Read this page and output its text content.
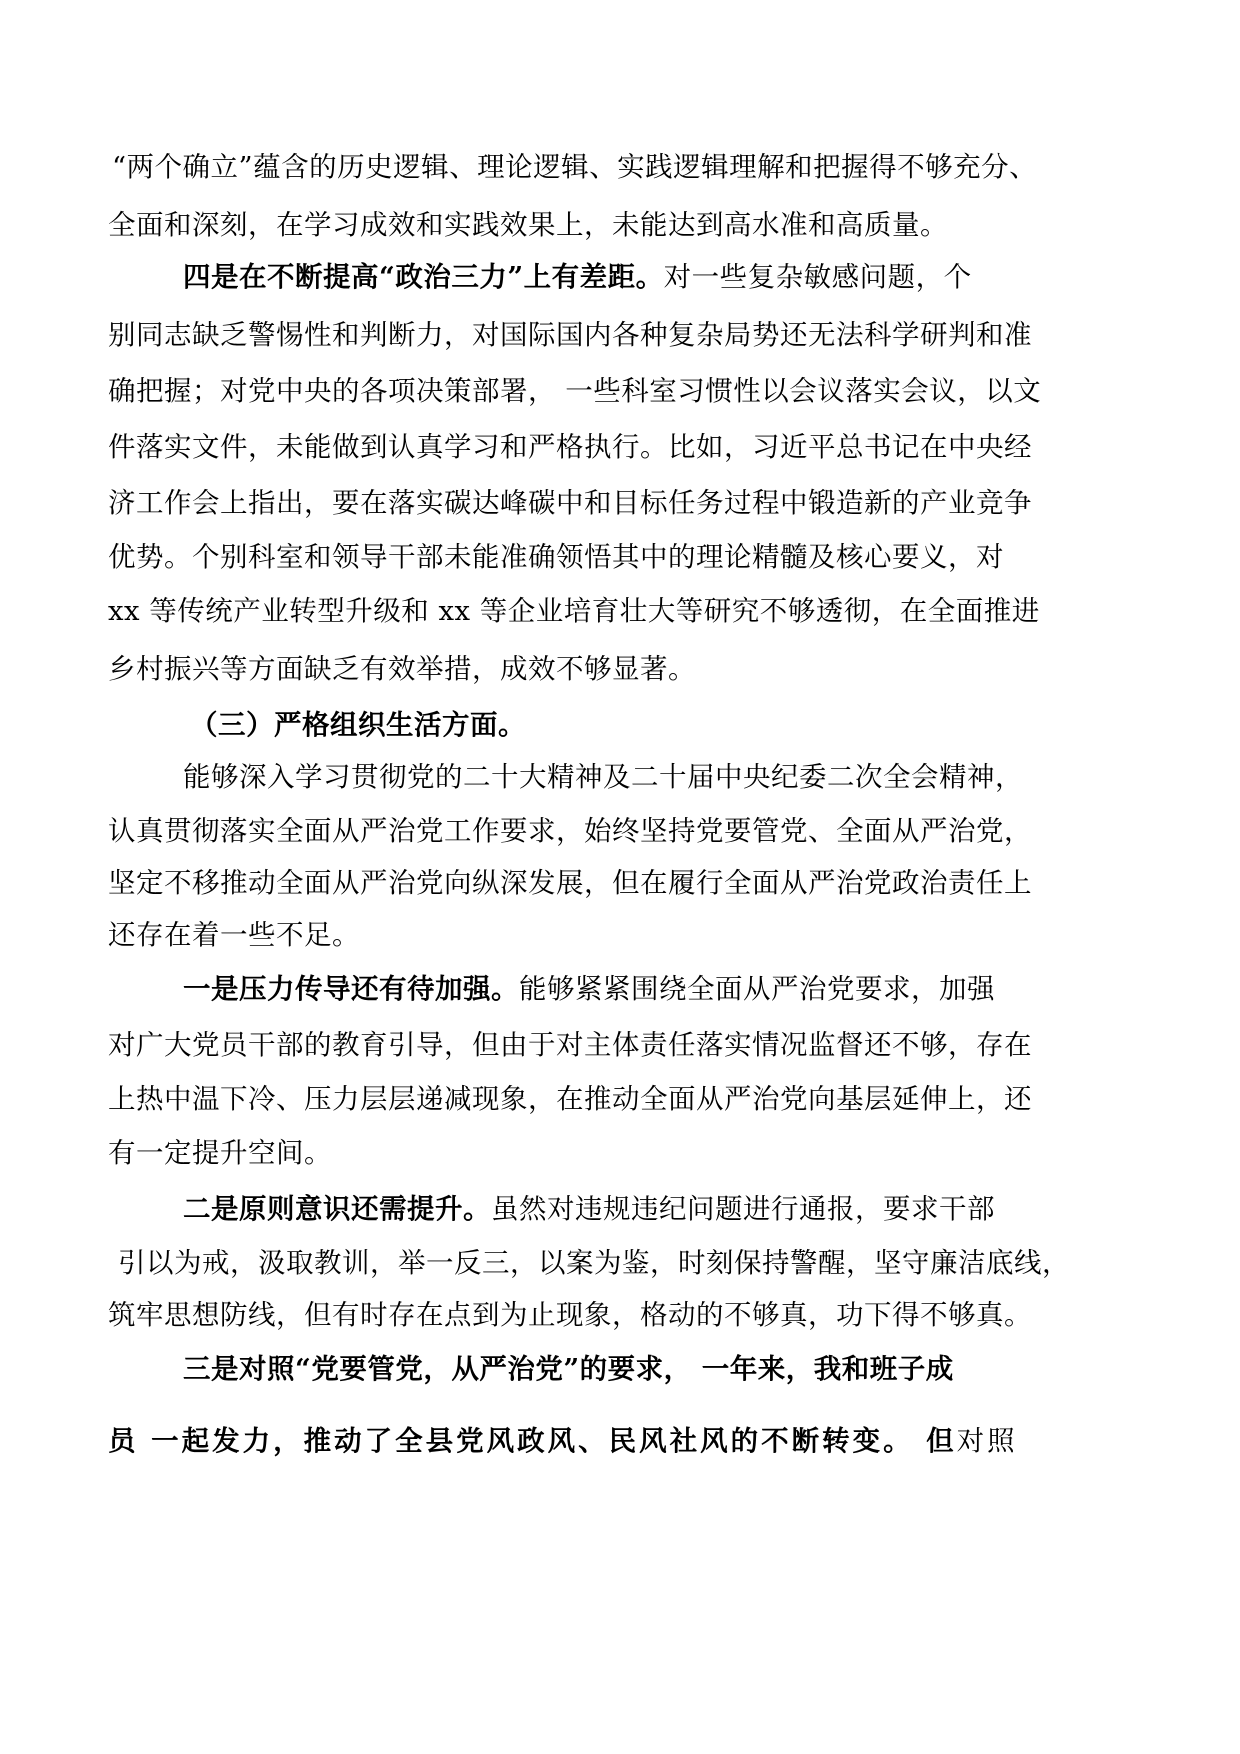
“两个确立”蕴含的历史逻辑、理论逻辑、实践逻辑理解和把握得不够充分、
全面和深刻，在学习成效和实践效果上，未能达到高水准和高质量。
四是在不断提高“政治三力”上有差距。对一些复杂敏感问题，个
别同志缺乏警惕性和判断力，对国际国内各种复杂局势还无法科学研判和准
确把握；对党中央的各项决策部署， 一些科室习惯性以会议落实会议，以文
件落实文件，未能做到认真学习和严格执行。比如，习近平总书记在中央经
济工作会上指出，要在落实碳达峰碳中和目标任务过程中锻造新的产业竞争
优势。个别科室和领导干部未能准确领悟其中的理论精髓及核心要义，对
xx 等传统产业转型升级和 xx 等企业培育壮大等研究不够透彻，在全面推进
乡村振兴等方面缺乏有效举措，成效不够显著。
（三）严格组织生活方面。
能够深入学习贯彻党的二十大精神及二十届中央纪委二次全会精神，
认真贯彻落实全面从严治党工作要求，始终坚持党要管党、全面从严治党，
坚定不移推动全面从严治党向纵深发展，但在履行全面从严治党政治责任上
还存在着一些不足。
一是压力传导还有待加强。能够紧紧围绕全面从严治党要求，加强
对广大党员干部的教育引导，但由于对主体责任落实情况监督还不够，存在
上热中温下冷、压力层层递减现象，在推动全面从严治党向基层延伸上，还
有一定提升空间。
二是原则意识还需提升。虽然对违规违纪问题进行通报，要求干部
引以为戒，汲取教训，举一反三，以案为鉴，时刻保持警醒，坚守廉洁底线，
筑牢思想防线，但有时存在点到为止现象，格动的不够真，功下得不够真。
三是对照“党要管党，从严治党”的要求， 一年来，我和班子成
员 一起发力，推动了全县党风政风、民风社风的不断转变。 但对照
